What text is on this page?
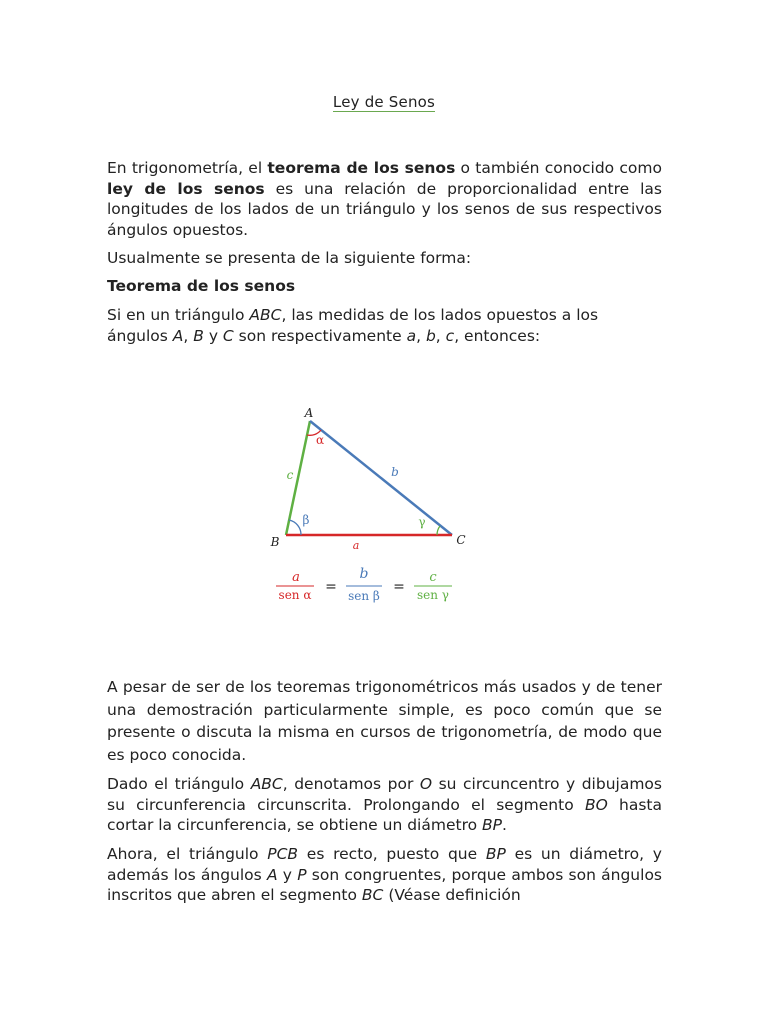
Ley de Senos

En trigonometría, el teorema de los senos o también conocido como ley de los senos es una relación de proporcionalidad entre las longitudes de los lados de un triángulo y los senos de sus respectivos ángulos opuestos.

Usualmente se presenta de la siguiente forma:

Teorema de los senos

Si en un triángulo ABC, las medidas de los lados opuestos a los ángulos A, B y C son respectivamente a, b, c, entonces:

A
B	C
a
b
c
α
β	γ
a
sen α =
b
sen β
=
c
sen γ

A pesar de ser de los teoremas trigonométricos más usados y de tener una demostración particularmente simple, es poco común que se presente o discuta la misma en cursos de trigonometría, de modo que es poco conocida.

Dado el triángulo ABC, denotamos por O su circuncentro y dibujamos su circunferencia circunscrita. Prolongando el segmento BO hasta cortar la circunferencia, se obtiene un diámetro BP.

Ahora, el triángulo PCB es recto, puesto que BP es un diámetro, y además los ángulos A y P son congruentes, porque ambos son ángulos inscritos que abren el segmento BC (Véase definición
